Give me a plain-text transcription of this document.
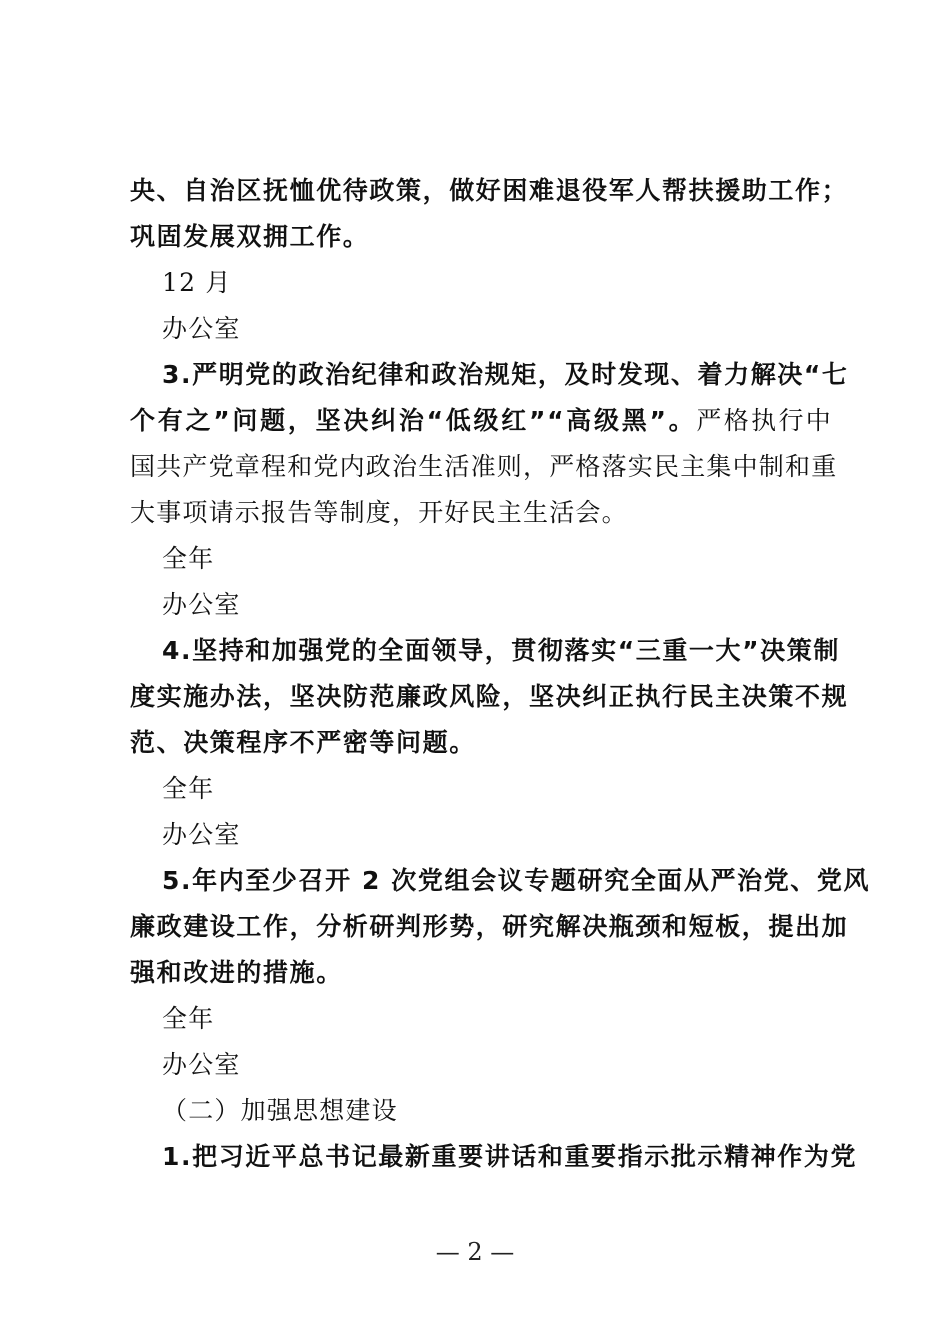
央、自治区抚恤优待政策，做好困难退役军人帮扶援助工作；
巩固发展双拥工作。
12 月
办公室
3.严明党的政治纪律和政治规矩，及时发现、着力解决“七
个有之”问题，坚决纠治“低级红”“高级黑”。严格执行中
国共产党章程和党内政治生活准则，严格落实民主集中制和重
大事项请示报告等制度，开好民主生活会。
全年
办公室
4.坚持和加强党的全面领导，贯彻落实“三重一大”决策制
度实施办法，坚决防范廉政风险，坚决纠正执行民主决策不规
范、决策程序不严密等问题。
全年
办公室
5.年内至少召开 2 次党组会议专题研究全面从严治党、党风
廉政建设工作，分析研判形势，研究解决瓶颈和短板，提出加
强和改进的措施。
全年
办公室
（二）加强思想建设
1.把习近平总书记最新重要讲话和重要指示批示精神作为党
— 2 —
